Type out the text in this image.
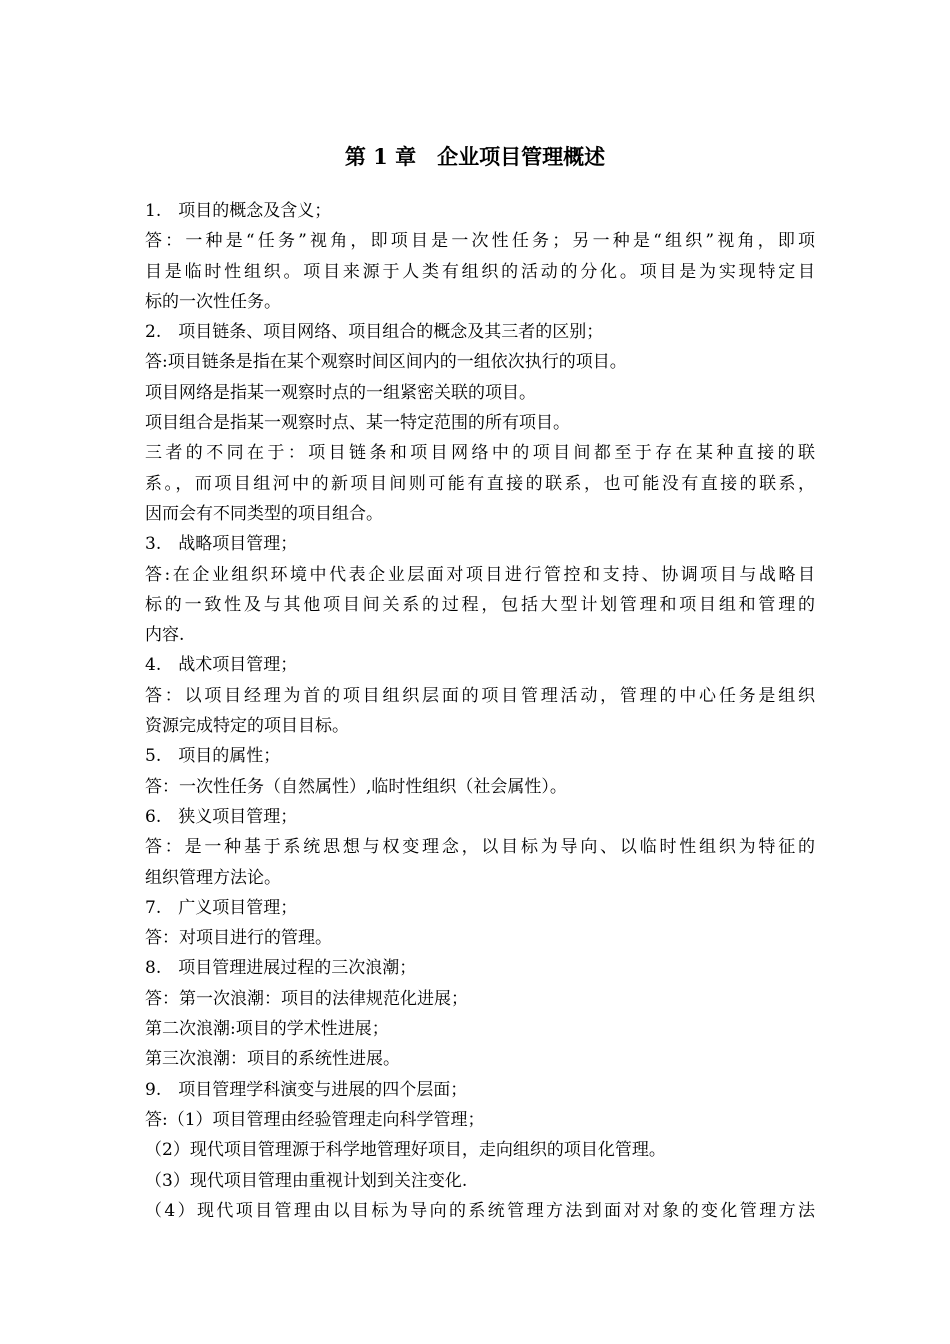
第 1 章　企业项目管理概述
1.　项目的概念及含义；
答：一种是“任务”视角，即项目是一次性任务；另一种是“组织”视角，即项
目是临时性组织。项目来源于人类有组织的活动的分化。项目是为实现特定目
标的一次性任务。
2.　项目链条、项目网络、项目组合的概念及其三者的区别；
答:项目链条是指在某个观察时间区间内的一组依次执行的项目。
项目网络是指某一观察时点的一组紧密关联的项目。
项目组合是指某一观察时点、某一特定范围的所有项目。
三者的不同在于：项目链条和项目网络中的项目间都至于存在某种直接的联
系。，而项目组河中的新项目间则可能有直接的联系，也可能没有直接的联系，
因而会有不同类型的项目组合。
3.　战略项目管理；
答:在企业组织环境中代表企业层面对项目进行管控和支持、协调项目与战略目
标的一致性及与其他项目间关系的过程，包括大型计划管理和项目组和管理的
内容.
4.　战术项目管理；
答：以项目经理为首的项目组织层面的项目管理活动，管理的中心任务是组织
资源完成特定的项目目标。
5.　项目的属性；
答：一次性任务（自然属性）,临时性组织（社会属性）。
6.　狭义项目管理；
答：是一种基于系统思想与权变理念，以目标为导向、以临时性组织为特征的
组织管理方法论。
7.　广义项目管理；
答：对项目进行的管理。
8.　项目管理进展过程的三次浪潮；
答：第一次浪潮：项目的法律规范化进展；
第二次浪潮:项目的学术性进展；
第三次浪潮：项目的系统性进展。
9.　项目管理学科演变与进展的四个层面；
答:（1）项目管理由经验管理走向科学管理；
（2）现代项目管理源于科学地管理好项目，走向组织的项目化管理。
（3）现代项目管理由重视计划到关注变化.
（4）现代项目管理由以目标为导向的系统管理方法到面对对象的变化管理方法
